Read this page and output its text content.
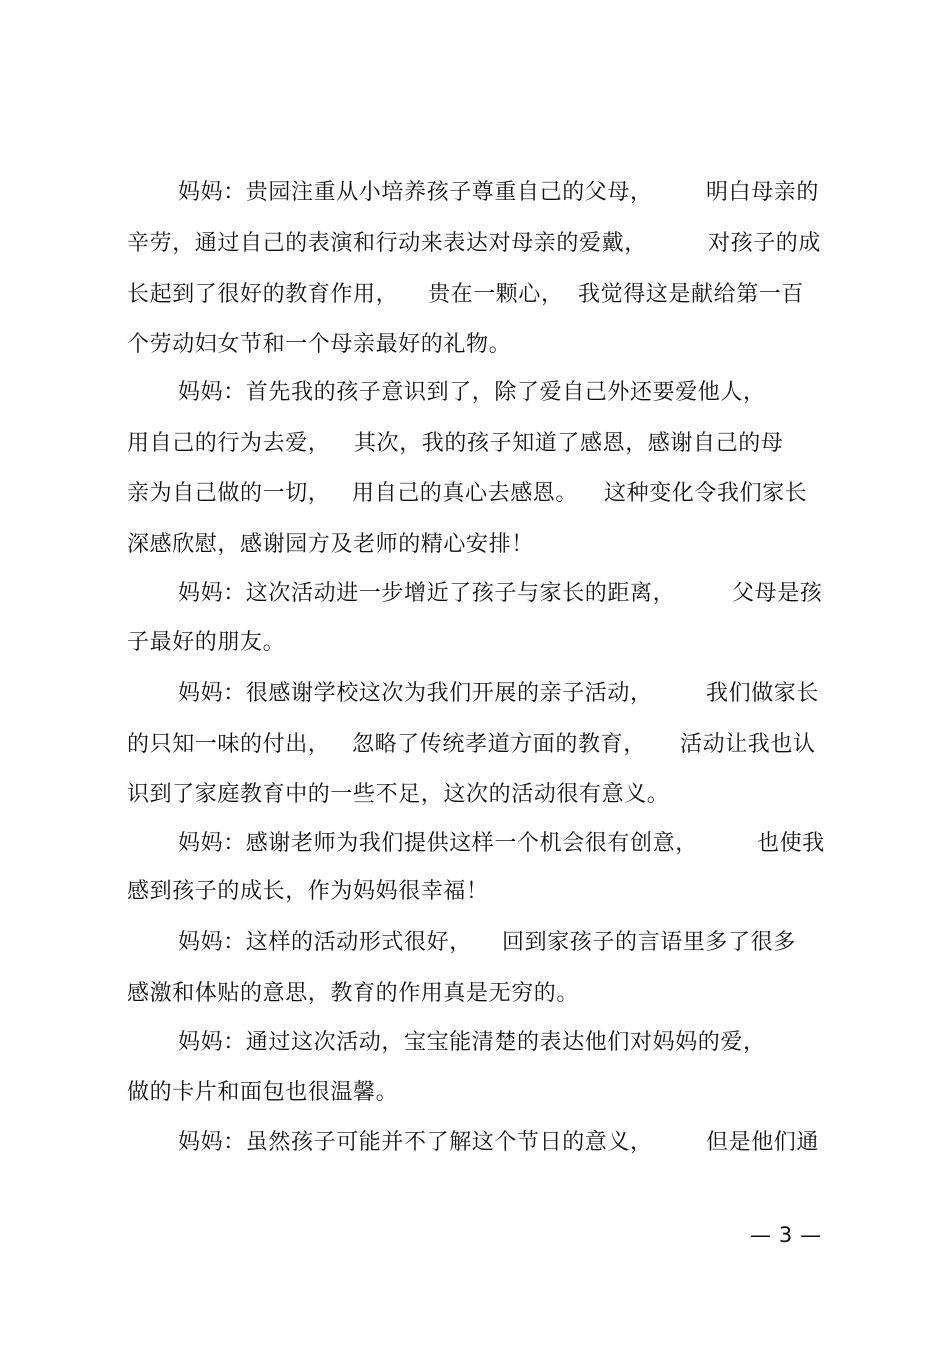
妈妈：贵园注重从小培养孩子尊重自己的父母， 明白母亲的
辛劳，通过自己的表演和行动来表达对母亲的爱戴，	对孩子的成
长起到了很好的教育作用， 贵在一颗心， 我觉得这是献给第一百
个劳动妇女节和一个母亲最好的礼物。
妈妈：首先我的孩子意识到了，除了爱自己外还要爱他人，
用自己的行为去爱， 其次，我的孩子知道了感恩，感谢自己的母
亲为自己做的一切， 用自己的真心去感恩。 这种变化令我们家长
深感欣慰，感谢园方及老师的精心安排！
妈妈：这次活动进一步增近了孩子与家长的距离，	父母是孩
子最好的朋友。
妈妈：很感谢学校这次为我们开展的亲子活动， 我们做家长
的只知一味的付出， 忽略了传统孝道方面的教育， 活动让我也认
识到了家庭教育中的一些不足，这次的活动很有意义。
妈妈：感谢老师为我们提供这样一个机会很有创意，	也使我
感到孩子的成长，作为妈妈很幸福！
妈妈：这样的活动形式很好， 回到家孩子的言语里多了很多
感激和体贴的意思，教育的作用真是无穷的。
妈妈：通过这次活动，宝宝能清楚的表达他们对妈妈的爱，
做的卡片和面包也很温馨。
妈妈：虽然孩子可能并不了解这个节日的意义， 但是他们通
— 3 —
